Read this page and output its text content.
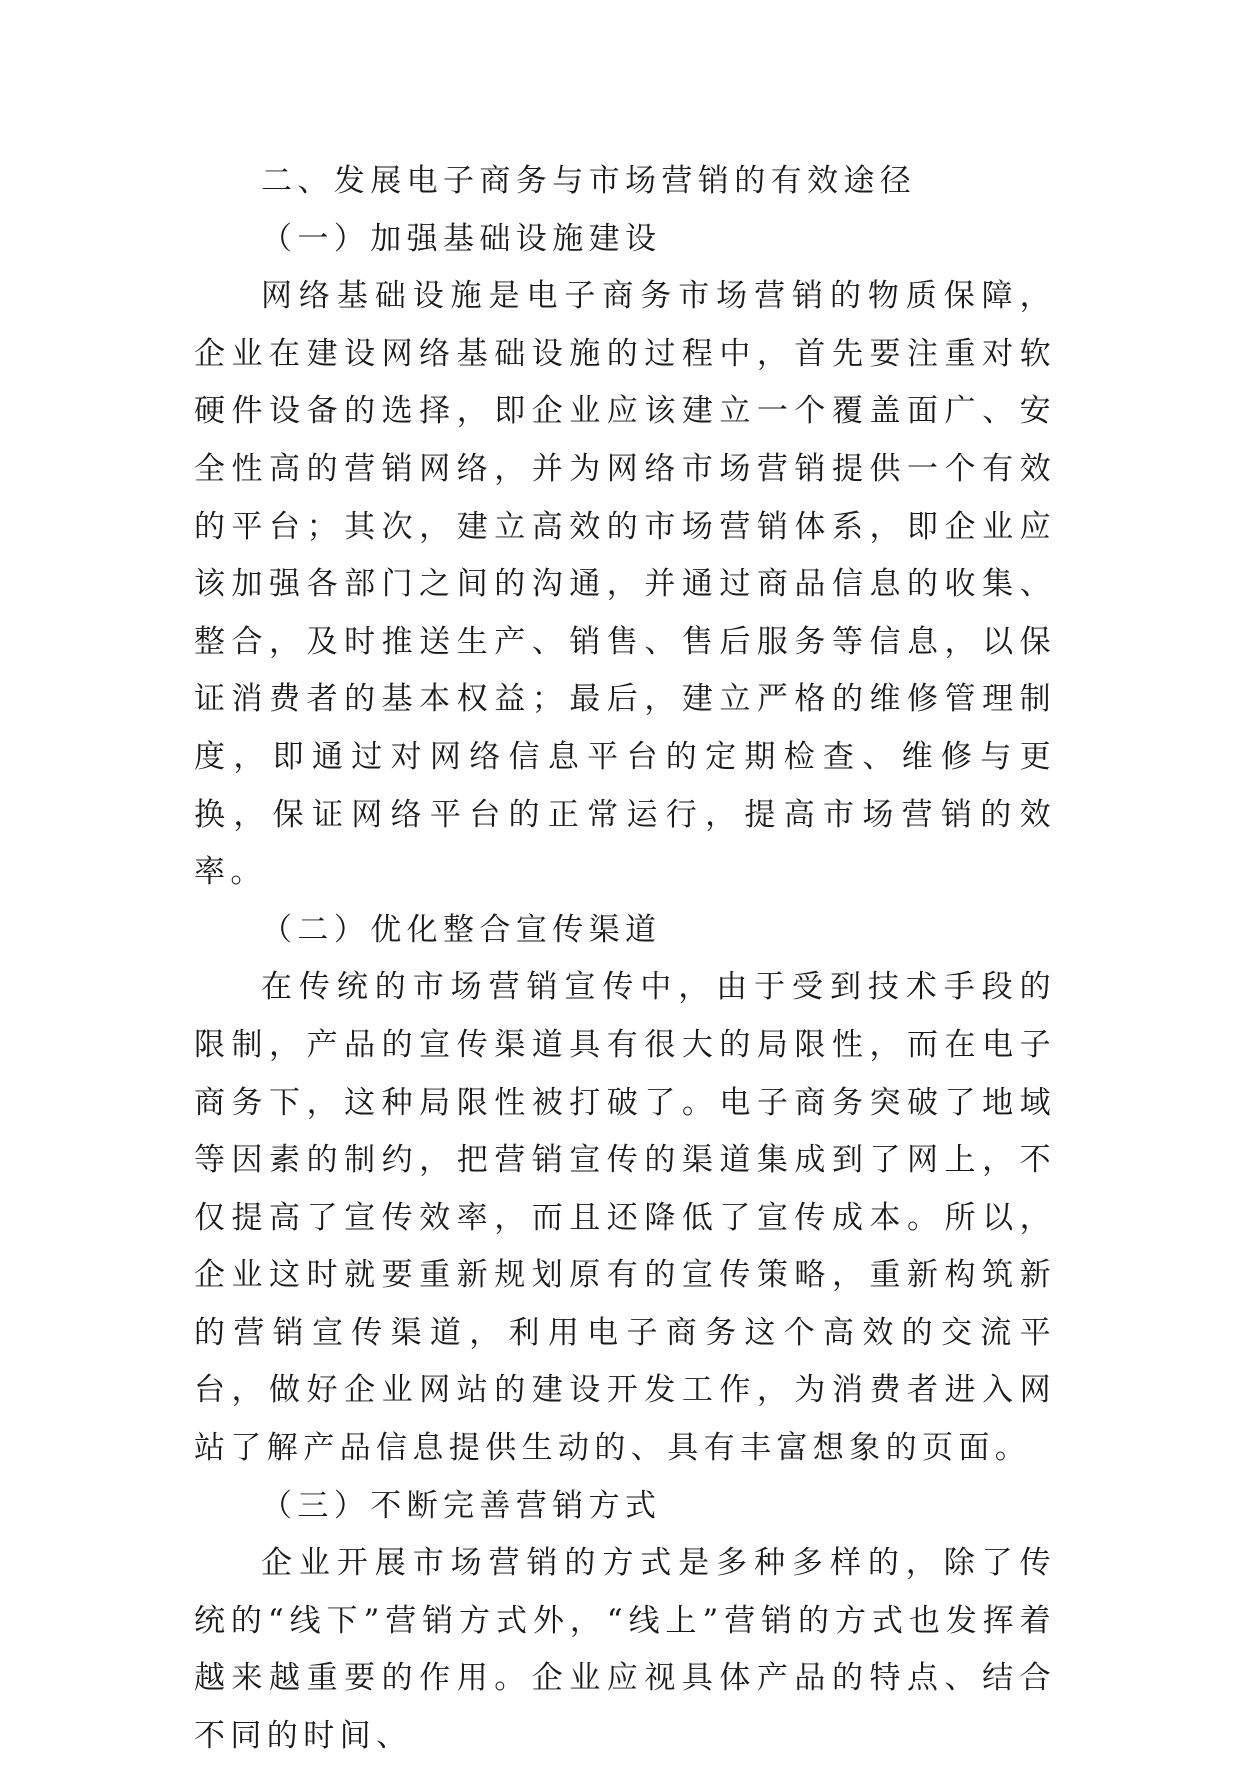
二、发展电子商务与市场营销的有效途径

（一）加强基础设施建设

网络基础设施是电子商务市场营销的物质保障，企业在建设网络基础设施的过程中，首先要注重对软硬件设备的选择，即企业应该建立一个覆盖面广、安全性高的营销网络，并为网络市场营销提供一个有效的平台；其次，建立高效的市场营销体系，即企业应该加强各部门之间的沟通，并通过商品信息的收集、整合，及时推送生产、销售、售后服务等信息，以保证消费者的基本权益；最后，建立严格的维修管理制度，即通过对网络信息平台的定期检查、维修与更换，保证网络平台的正常运行，提高市场营销的效率。

（二）优化整合宣传渠道

在传统的市场营销宣传中，由于受到技术手段的限制，产品的宣传渠道具有很大的局限性，而在电子商务下，这种局限性被打破了。电子商务突破了地域等因素的制约，把营销宣传的渠道集成到了网上，不仅提高了宣传效率，而且还降低了宣传成本。所以，企业这时就要重新规划原有的宣传策略，重新构筑新的营销宣传渠道，利用电子商务这个高效的交流平台，做好企业网站的建设开发工作，为消费者进入网站了解产品信息提供生动的、具有丰富想象的页面。

（三）不断完善营销方式

企业开展市场营销的方式是多种多样的，除了传统的“线下”营销方式外，“线上”营销的方式也发挥着越来越重要的作用。企业应视具体产品的特点、结合不同的时间、
